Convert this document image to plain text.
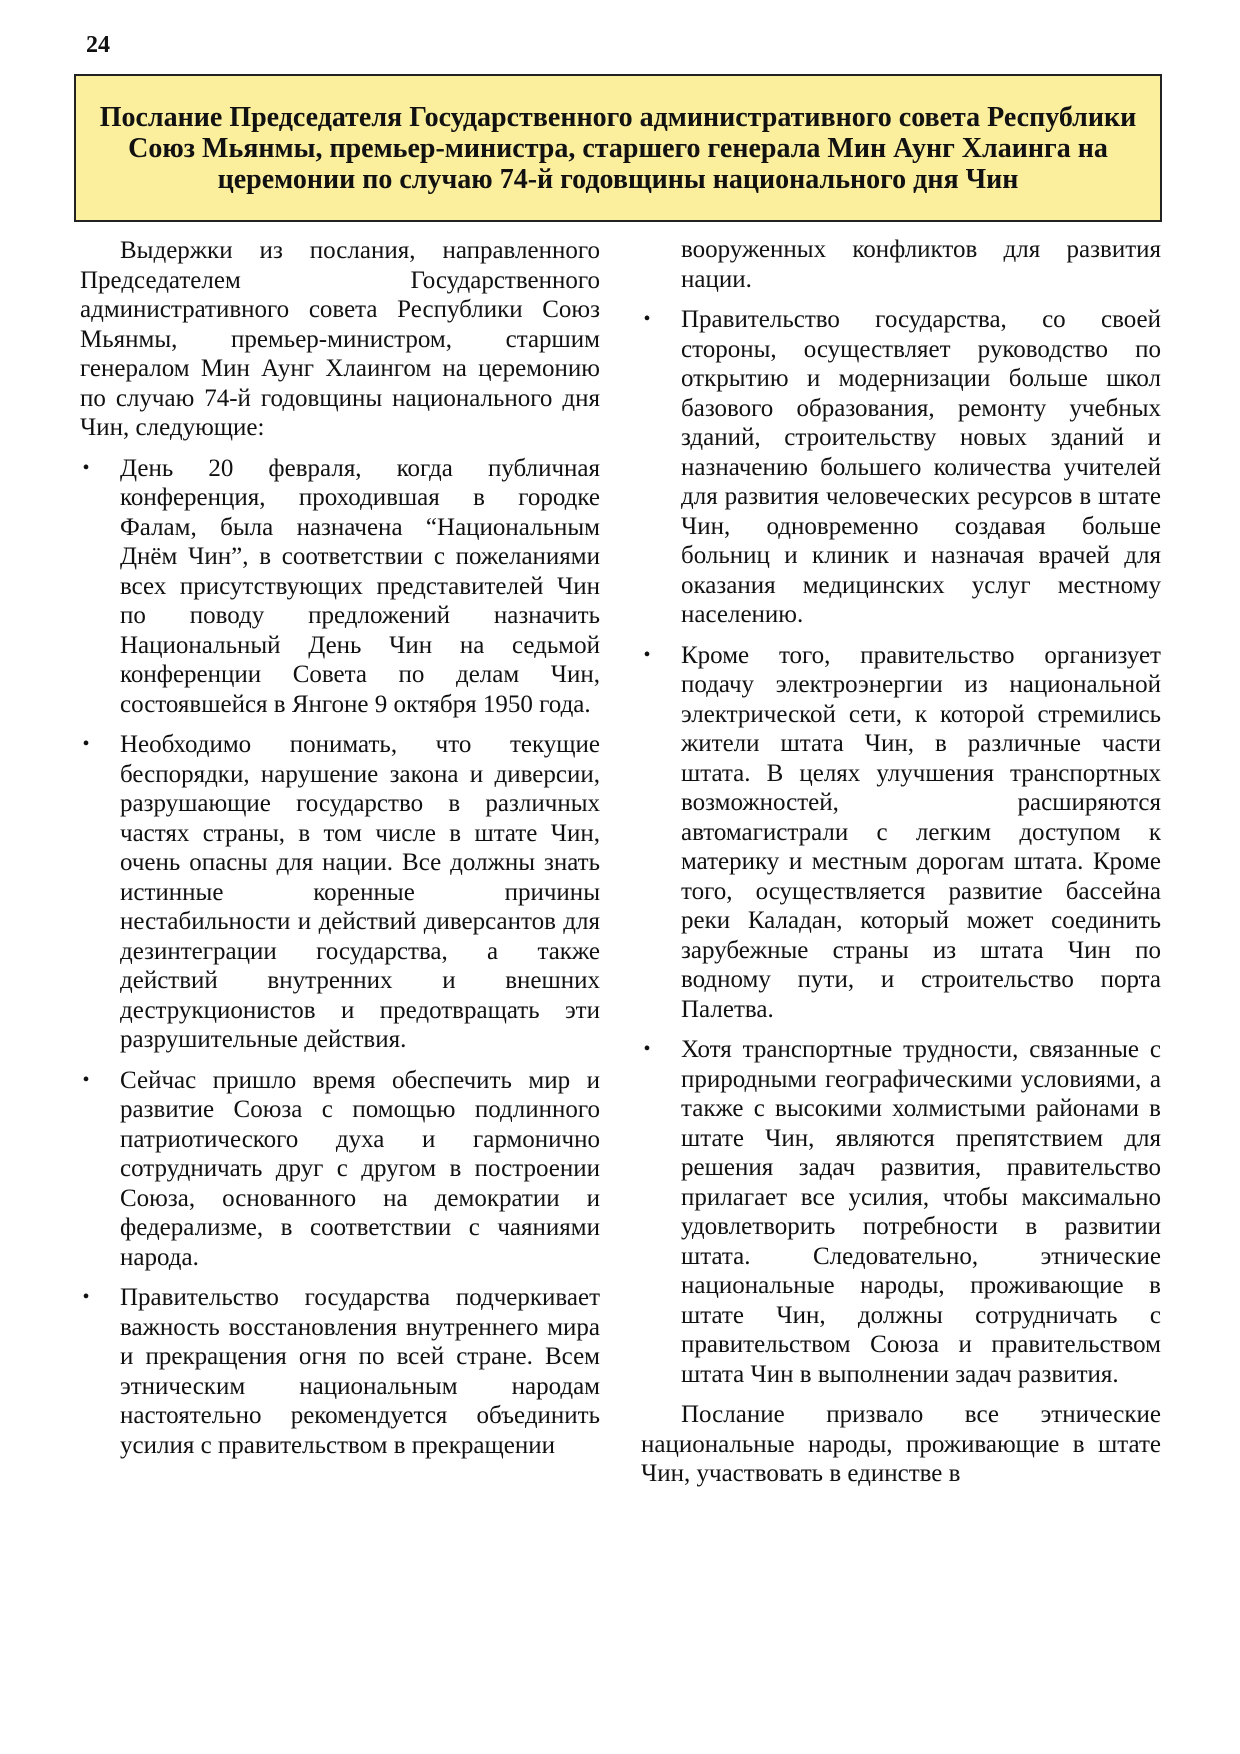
24
Послание Председателя Государственного административного совета Республики Союз Мьянмы, премьер-министра, старшего генерала Мин Аунг Хлаинга на церемонии по случаю 74-й годовщины национального дня Чин

Выдержки из послания, направленного Председателем Государственного административного совета Республики Союз Мьянмы, премьер-министром, старшим генералом Мин Аунг Хлаингом на церемонию по случаю 74-й годовщины национального дня Чин, следующие:

• День 20 февраля, когда публичная конференция, проходившая в городке Фалам, была назначена “Национальным Днём Чин”, в соответствии с пожеланиями всех присутствующих представителей Чин по поводу предложений назначить Национальный День Чин на седьмой конференции Совета по делам Чин, состоявшейся в Янгоне 9 октября 1950 года.
• Необходимо понимать, что текущие беспорядки, нарушение закона и диверсии, разрушающие государство в различных частях страны, в том числе в штате Чин, очень опасны для нации. Все должны знать истинные коренные причины нестабильности и действий диверсантов для дезинтеграции государства, а также действий внутренних и внешних деструкционистов и предотвращать эти разрушительные действия.
• Сейчас пришло время обеспечить мир и развитие Союза с помощью подлинного патриотического духа и гармонично сотрудничать друг с другом в построении Союза, основанного на демократии и федерализме, в соответствии с чаяниями народа.
• Правительство государства подчеркивает важность восстановления внутреннего мира и прекращения огня по всей стране. Всем этническим национальным народам настоятельно рекомендуется объединить усилия с правительством в прекращении
вооруженных конфликтов для развития нации.
• Правительство государства, со своей стороны, осуществляет руководство по открытию и модернизации больше школ базового образования, ремонту учебных зданий, строительству новых зданий и назначению большего количества учителей для развития человеческих ресурсов в штате Чин, одновременно создавая больше больниц и клиник и назначая врачей для оказания медицинских услуг местному населению.
• Кроме того, правительство организует подачу электроэнергии из национальной электрической сети, к которой стремились жители штата Чин, в различные части штата. В целях улучшения транспортных возможностей, расширяются автомагистрали с легким доступом к материку и местным дорогам штата. Кроме того, осуществляется развитие бассейна реки Каладан, который может соединить зарубежные страны из штата Чин по водному пути, и строительство порта Палетва.
• Хотя транспортные трудности, связанные с природными географическими условиями, а также с высокими холмистыми районами в штате Чин, являются препятствием для решения задач развития, правительство прилагает все усилия, чтобы максимально удовлетворить потребности в развитии штата. Следовательно, этнические национальные народы, проживающие в штате Чин, должны сотрудничать с правительством Союза и правительством штата Чин в выполнении задач развития.

Послание призвало все этнические национальные народы, проживающие в штате Чин, участвовать в единстве в
